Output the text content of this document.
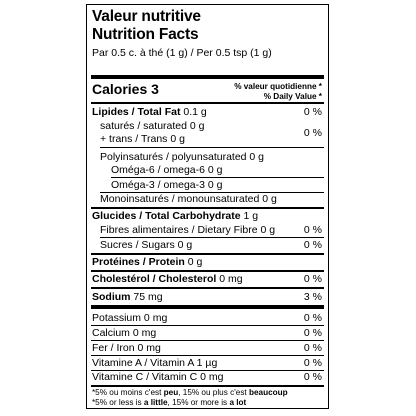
Valeur nutritive
Nutrition Facts
Par 0.5 c. à thé (1 g) / Per 0.5 tsp (1 g)
Calories 3	% valeur quotidienne *
% Daily Value *
Lipides / Total Fat 0.1 g	0 %
saturés / saturated 0 g
+ trans / Trans 0 g	0 %
Polyinsaturés / polyunsaturated 0 g
Oméga-6 / omega-6 0 g
Oméga-3 / omega-3 0 g
Monoinsaturés / monounsaturated 0 g
Glucides / Total Carbohydrate 1 g
Fibres alimentaires / Dietary Fibre 0 g	0 %
Sucres / Sugars 0 g	0 %
Protéines / Protein 0 g
Cholestérol / Cholesterol 0 mg	0 %
Sodium 75 mg	3 %
Potassium 0 mg	0 %
Calcium 0 mg	0 %
Fer / Iron 0 mg	0 %
Vitamine A / Vitamin A 1 µg	0 %
Vitamine C / Vitamin C 0 mg	0 %
*5% ou moins c'est peu, 15% ou plus c'est beaucoup
*5% or less is a little, 15% or more is a lot
